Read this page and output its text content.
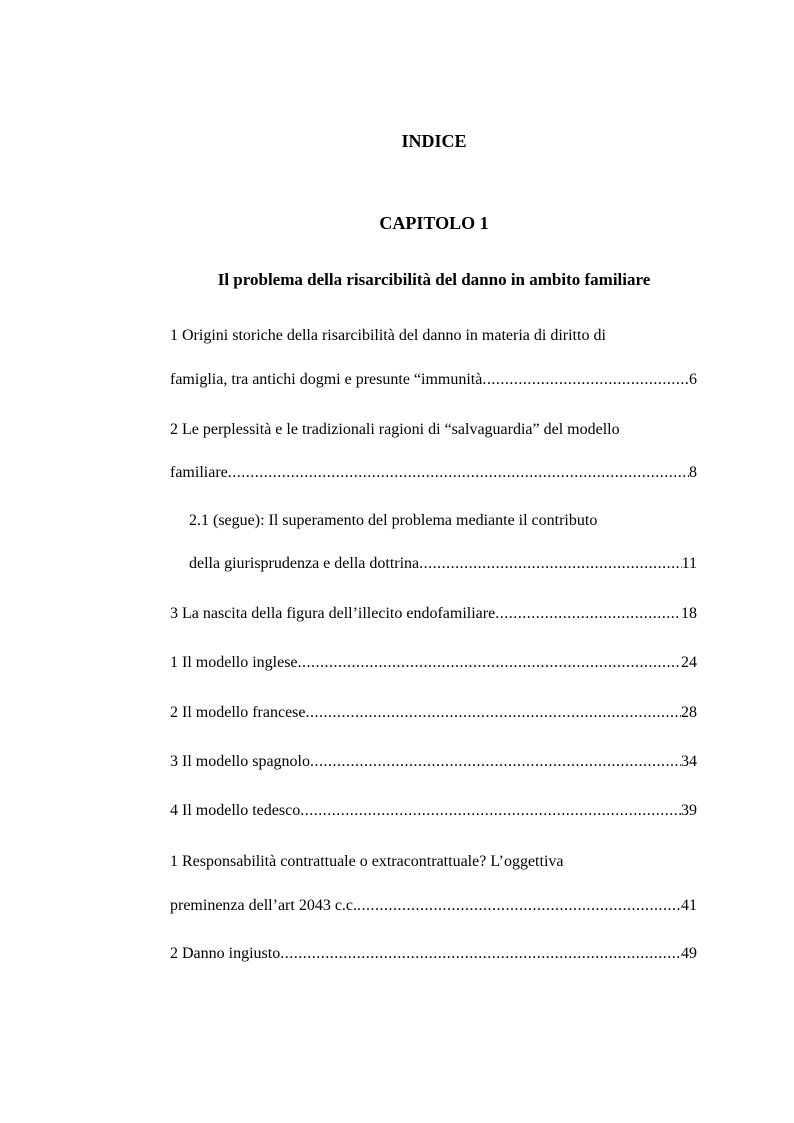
INDICE
CAPITOLO 1
Il problema della risarcibilità del danno in ambito familiare
1 Origini storiche della risarcibilità del danno in materia di diritto di
famiglia, tra antichi dogmi e presunte “immunità .....	6
2 Le perplessità e le tradizionali ragioni di “salvaguardia” del modello
familiare .....	8
2.1 (segue): Il superamento del problema mediante il contributo
della giurisprudenza e della dottrina .....	11
3 La nascita della figura dell’illecito endofamiliare .....	18
1 Il modello inglese .....	24
2 Il modello francese .....	28
3 Il modello spagnolo .....	34
4 Il modello tedesco .....	39
1 Responsabilità contrattuale o extracontrattuale? L’oggettiva
preminenza dell’art 2043 c.c. .....	41
2 Danno ingiusto .....	49
